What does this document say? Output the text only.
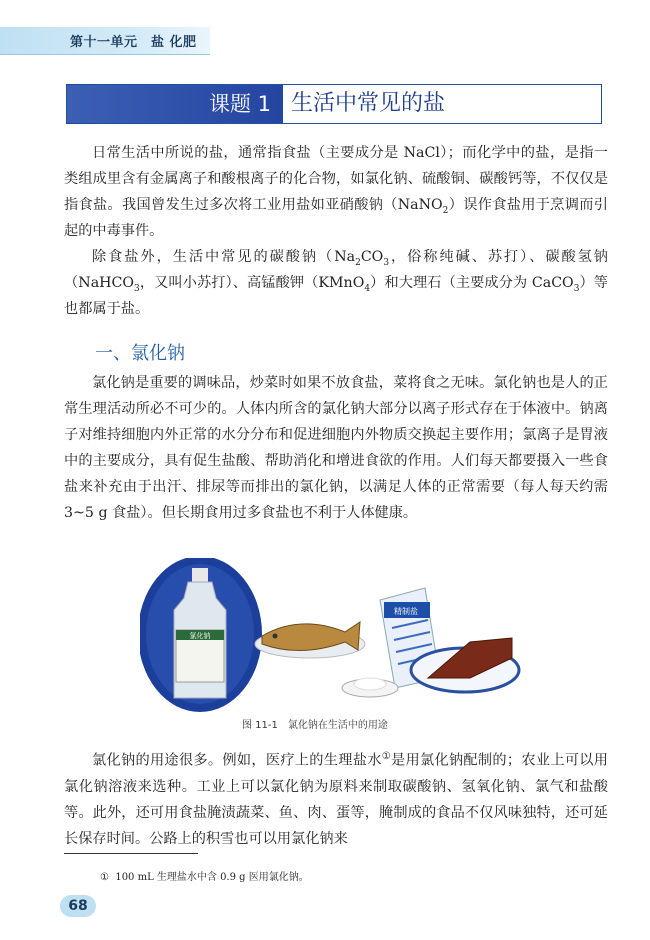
第十一单元　盐 化肥
课题 1 生活中常见的盐

日常生活中所说的盐，通常指食盐（主要成分是 NaCl）；而化学中的盐，是指一类组成里含有金属离子和酸根离子的化合物，如氯化钠、硫酸铜、碳酸钙等，不仅仅是指食盐。我国曾发生过多次将工业用盐如亚硝酸钠（NaNO$_2$）误作食盐用于烹调而引起的中毒事件。

除食盐外，生活中常见的碳酸钠（$Na_2CO_3$，俗称纯碱、苏打）、碳酸氢钠（NaHCO$_3$，又叫小苏打）、高锰酸钾（KMnO$_4$）和大理石（主要成分为 CaCO$_3$）等也都属于盐。

一、氯化钠

氯化钠是重要的调味品，炒菜时如果不放食盐，菜将食之无味。氯化钠也是人的正常生理活动所必不可少的。人体内所含的氯化钠大部分以离子形式存在于体液中。钠离子对维持细胞内外正常的水分分布和促进细胞内外物质交换起主要作用；氯离子是胃液中的主要成分，具有促生盐酸、帮助消化和增进食欲的作用。人们每天都要摄入一些食盐来补充由于出汗、排尿等而排出的氯化钠，以满足人体的正常需要（每人每天约需 3~5 g 食盐）。但长期食用过多食盐也不利于人体健康。

氯化钠
精制盐
图 11-1　氯化钠在生活中的用途

氯化钠的用途很多。例如，医疗上的生理盐水①是用氯化钠配制的；农业上可以用氯化钠溶液来选种。工业上可以氯化钠为原料来制取碳酸钠、氢氧化钠、氯气和盐酸等。此外，还可用食盐腌渍蔬菜、鱼、肉、蛋等，腌制成的食品不仅风味独特，还可延长保存时间。公路上的积雪也可以用氯化钠来

① 100 mL 生理盐水中含 0.9 g 医用氯化钠。
68
